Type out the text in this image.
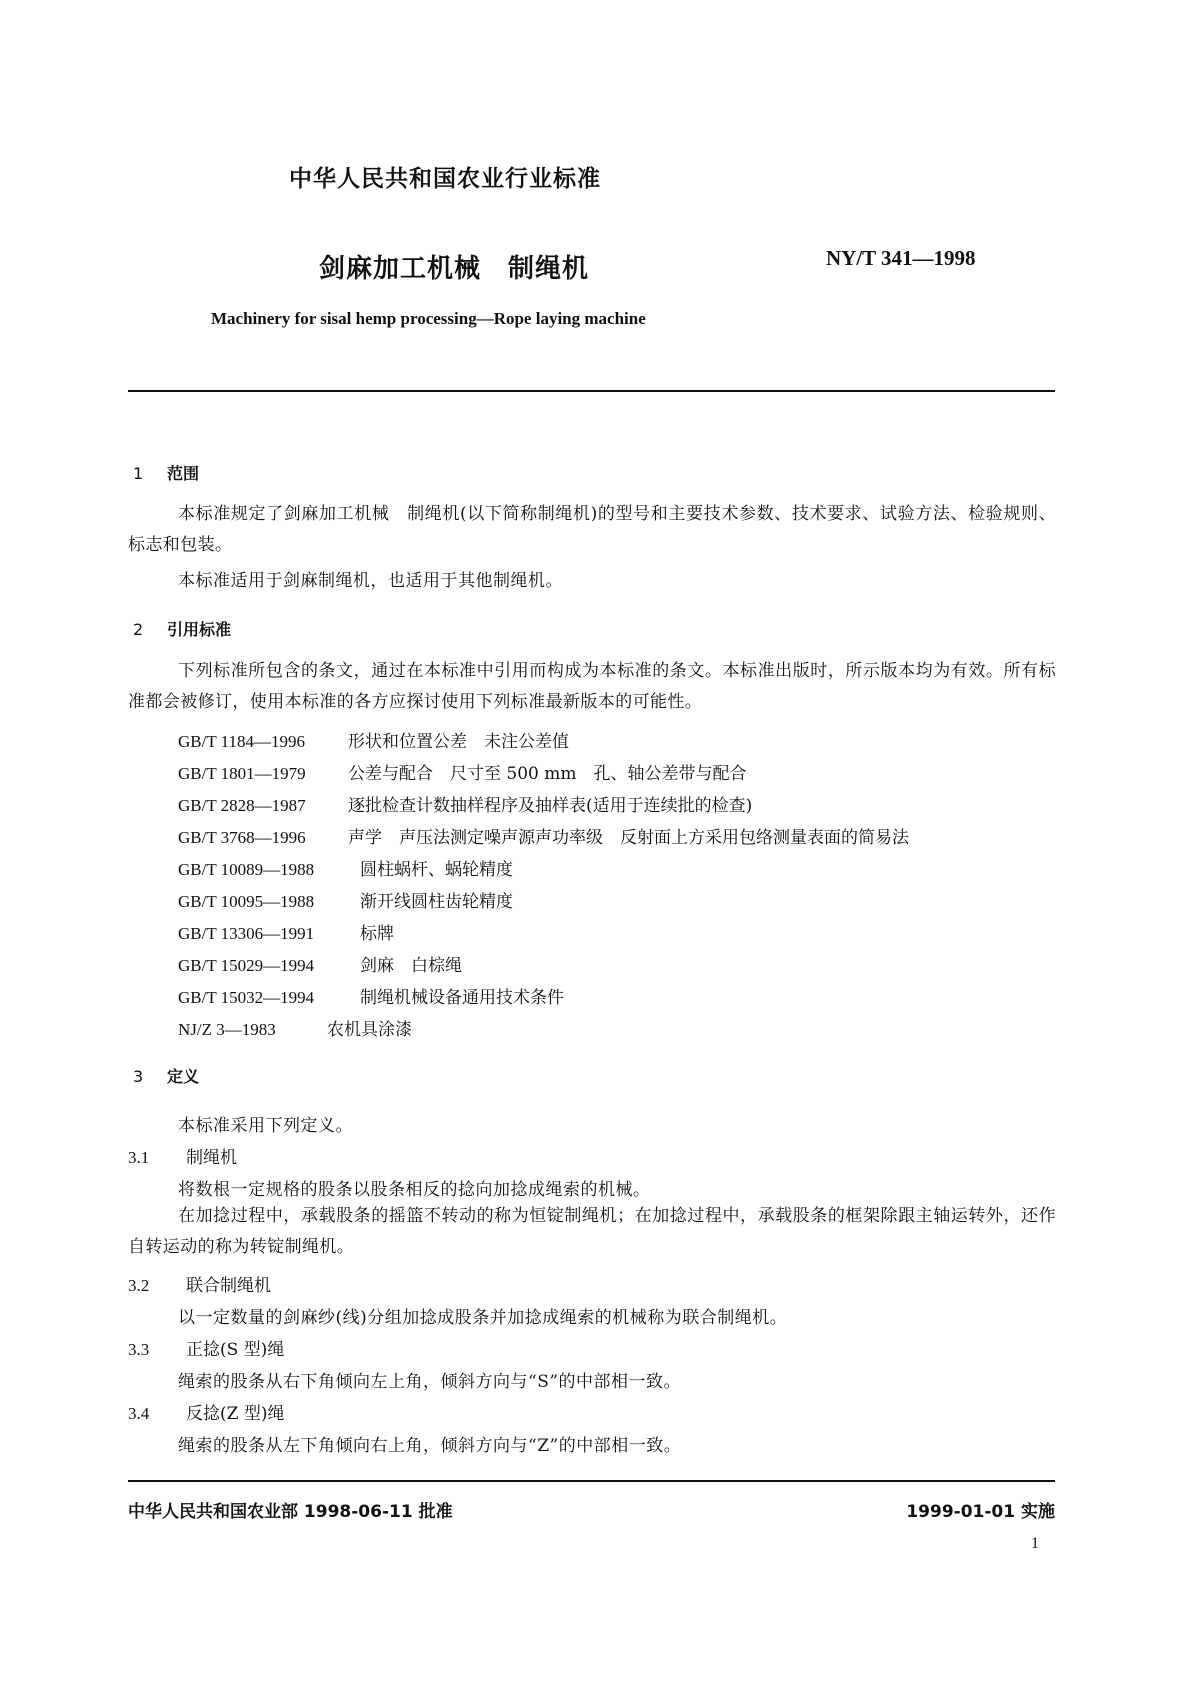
中华人民共和国农业行业标准
剑麻加工机械　制绳机	NY/T 341—1998
Machinery for sisal hemp processing—Rope laying machine
1 范围
本标准规定了剑麻加工机械　制绳机(以下简称制绳机)的型号和主要技术参数、技术要求、试验方法、检验规则、标志和包装。
本标准适用于剑麻制绳机，也适用于其他制绳机。
2 引用标准
下列标准所包含的条文，通过在本标准中引用而构成为本标准的条文。本标准出版时，所示版本均为有效。所有标准都会被修订，使用本标准的各方应探讨使用下列标准最新版本的可能性。
GB/T 1184—1996	形状和位置公差　未注公差值
GB/T 1801—1979 公差与配合　尺寸至 500 mm　孔、轴公差带与配合
GB/T 2828—1987 逐批检查计数抽样程序及抽样表(适用于连续批的检查)
GB/T 3768—1996 声学　声压法测定噪声源声功率级　反射面上方采用包络测量表面的简易法
GB/T 10089—1988	圆柱蜗杆、蜗轮精度
GB/T 10095—1988	渐开线圆柱齿轮精度
GB/T 13306—1991	标牌
GB/T 15029—1994	剑麻　白棕绳
GB/T 15032—1994	制绳机械设备通用技术条件
NJ/Z 3—1983	农机具涂漆
3 定义
本标准采用下列定义。
3.1 制绳机
将数根一定规格的股条以股条相反的捻向加捻成绳索的机械。
在加捻过程中，承载股条的摇篮不转动的称为恒锭制绳机；在加捻过程中，承载股条的框架除跟主轴运转外，还作自转运动的称为转锭制绳机。
3.2 联合制绳机
以一定数量的剑麻纱(线)分组加捻成股条并加捻成绳索的机械称为联合制绳机。
3.3 正捻(S 型)绳
绳索的股条从右下角倾向左上角，倾斜方向与“S”的中部相一致。
3.4 反捻(Z 型)绳
绳索的股条从左下角倾向右上角，倾斜方向与“Z”的中部相一致。
中华人民共和国农业部 1998-06-11 批准	1999-01-01 实施
1
